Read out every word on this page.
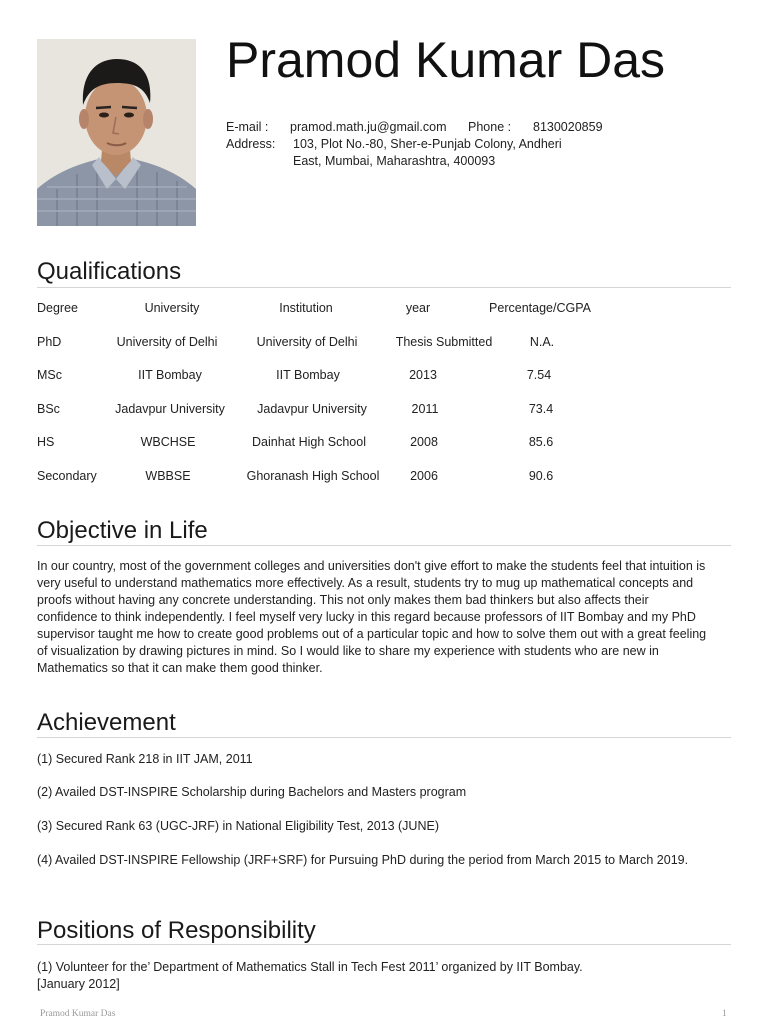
Pramod Kumar Das
E-mail : pramod.math.ju@gmail.com Phone : 8130020859
Address: 103, Plot No.-80, Sher-e-Punjab Colony, Andheri
East, Mumbai, Maharashtra, 400093
Qualifications
Degree	University	Institution	year	Percentage/CGPA
PhD	University of Delhi	University of Delhi	Thesis Submitted	N.A.
MSc	IIT Bombay	IIT Bombay	2013	7.54
BSc	Jadavpur University	Jadavpur University	2011	73.4
HS	WBCHSE	Dainhat High School	2008	85.6
Secondary	WBBSE	Ghoranash High School 2006	90.6
Objective in Life
In our country, most of the government colleges and universities don't give effort to make the students feel that intuition is
very useful to understand mathematics more effectively. As a result, students try to mug up mathematical concepts and
proofs without having any concrete understanding. This not only makes them bad thinkers but also affects their
confidence to think independently. I feel myself very lucky in this regard because professors of IIT Bombay and my PhD
supervisor taught me how to create good problems out of a particular topic and how to solve them out with a great feeling
of visualization by drawing pictures in mind. So I would like to share my experience with students who are new in
Mathematics so that it can make them good thinker.
Achievement

(1) Secured Rank 218 in IIT JAM, 2011

(2) Availed DST-INSPIRE Scholarship during Bachelors and Masters program

(3) Secured Rank 63 (UGC-JRF) in National Eligibility Test, 2013 (JUNE)

(4) Availed DST-INSPIRE Fellowship (JRF+SRF) for Pursuing PhD during the period from March 2015 to March 2019.

Positions of Responsibility

(1) Volunteer for the’ Department of Mathematics Stall in Tech Fest 2011’ organized by IIT Bombay.

[January 2012]

Pramod Kumar Das	1
